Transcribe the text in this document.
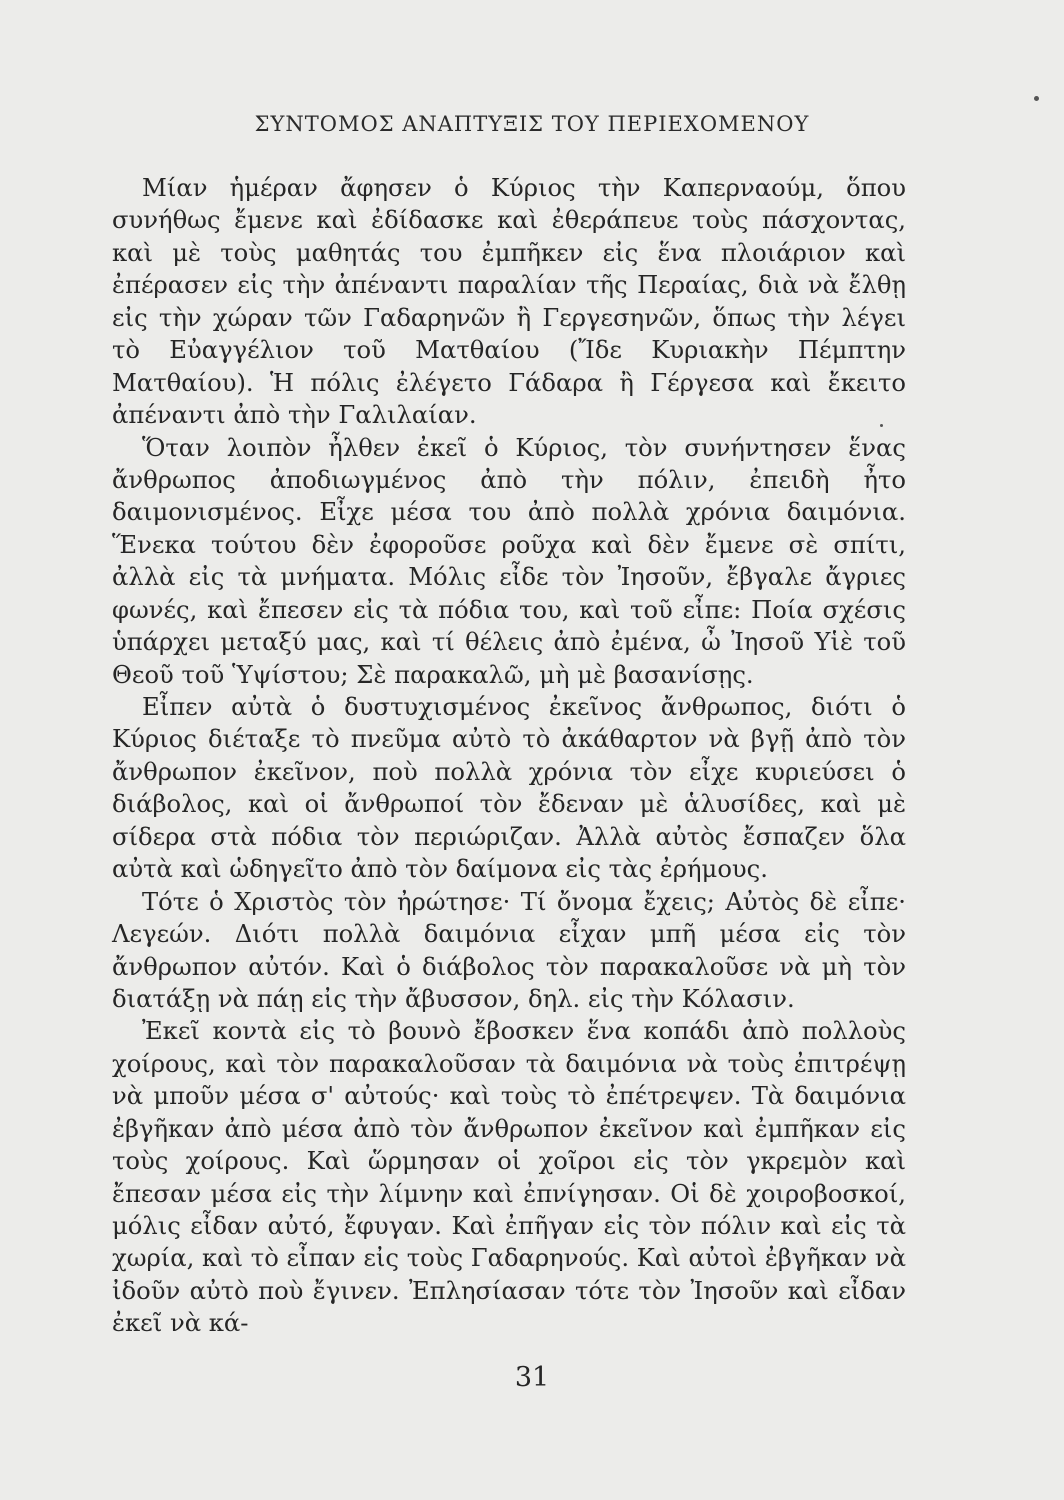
ΣΥΝΤΟΜΟΣ ΑΝΑΠΤΥΞΙΣ ΤΟΥ ΠΕΡΙΕΧΟΜΕΝΟΥ

Μίαν ἡμέραν ἄφησεν ὁ Κύριος τὴν Καπερναούμ, ὅπου συνήθως ἔμενε καὶ ἐδίδασκε καὶ ἐθεράπευε τοὺς πάσχοντας, καὶ μὲ τοὺς μαθητάς του ἐμπῆκεν εἰς ἕνα πλοιάριον καὶ ἐπέρασεν εἰς τὴν ἀπέναντι παραλίαν τῆς Περαίας, διὰ νὰ ἔλθῃ εἰς τὴν χώραν τῶν Γαδαρηνῶν ἢ Γεργεσηνῶν, ὅπως τὴν λέγει τὸ Εὐαγγέλιον τοῦ Ματθαίου (Ἴδε Κυριακὴν Πέμπτην Ματθαίου). Ἡ πόλις ἐλέγετο Γάδαρα ἢ Γέργεσα καὶ ἔκειτο ἀπέναντι ἀπὸ τὴν Γαλιλαίαν.

Ὅταν λοιπὸν ἦλθεν ἐκεῖ ὁ Κύριος, τὸν συνήντησεν ἕνας ἄνθρωπος ἀποδιωγμένος ἀπὸ τὴν πόλιν, ἐπειδὴ ἦτο δαιμονισμένος. Εἶχε μέσα του ἀπὸ πολλὰ χρόνια δαιμόνια. Ἕνεκα τούτου δὲν ἐφοροῦσε ροῦχα καὶ δὲν ἔμενε σὲ σπίτι, ἀλλὰ εἰς τὰ μνήματα. Μόλις εἶδε τὸν Ἰησοῦν, ἔβγαλε ἄγριες φωνές, καὶ ἔπεσεν εἰς τὰ πόδια του, καὶ τοῦ εἶπε: Ποία σχέσις ὑπάρχει μεταξύ μας, καὶ τί θέλεις ἀπὸ ἐμένα, ὦ Ἰησοῦ Υἱὲ τοῦ Θεοῦ τοῦ Ὑψίστου; Σὲ παρακαλῶ, μὴ μὲ βασανίσῃς.

Εἶπεν αὐτὰ ὁ δυστυχισμένος ἐκεῖνος ἄνθρωπος, διότι ὁ Κύριος διέταξε τὸ πνεῦμα αὐτὸ τὸ ἀκάθαρτον νὰ βγῇ ἀπὸ τὸν ἄνθρωπον ἐκεῖνον, ποὺ πολλὰ χρόνια τὸν εἶχε κυριεύσει ὁ διάβολος, καὶ οἱ ἄνθρωποί τὸν ἔδεναν μὲ ἁλυσίδες, καὶ μὲ σίδερα στὰ πόδια τὸν περιώριζαν. Ἀλλὰ αὐτὸς ἔσπαζεν ὅλα αὐτὰ καὶ ὡδηγεῖτο ἀπὸ τὸν δαίμονα εἰς τὰς ἐρήμους.

Τότε ὁ Χριστὸς τὸν ἠρώτησε· Τί ὄνομα ἔχεις; Αὐτὸς δὲ εἶπε· Λεγεών. Διότι πολλὰ δαιμόνια εἶχαν μπῆ μέσα εἰς τὸν ἄνθρωπον αὐτόν. Καὶ ὁ διάβολος τὸν παρακαλοῦσε νὰ μὴ τὸν διατάξῃ νὰ πάῃ εἰς τὴν ἄβυσσον, δηλ. εἰς τὴν Κόλασιν.

Ἐκεῖ κοντὰ εἰς τὸ βουνὸ ἔβοσκεν ἕνα κοπάδι ἀπὸ πολλοὺς χοίρους, καὶ τὸν παρακαλοῦσαν τὰ δαιμόνια νὰ τοὺς ἐπιτρέψῃ νὰ μποῦν μέσα σ' αὐτούς· καὶ τοὺς τὸ ἐπέτρεψεν. Τὰ δαιμόνια ἐβγῆκαν ἀπὸ μέσα ἀπὸ τὸν ἄνθρωπον ἐκεῖνον καὶ ἐμπῆκαν εἰς τοὺς χοίρους. Καὶ ὥρμησαν οἱ χοῖροι εἰς τὸν γκρεμὸν καὶ ἔπεσαν μέσα εἰς τὴν λίμνην καὶ ἐπνίγησαν. Οἱ δὲ χοιροβοσκοί, μόλις εἶδαν αὐτό, ἔφυγαν. Καὶ ἐπῆγαν εἰς τὸν πόλιν καὶ εἰς τὰ χωρία, καὶ τὸ εἶπαν εἰς τοὺς Γαδαρηνούς. Καὶ αὐτοὶ ἐβγῆκαν νὰ ἰδοῦν αὐτὸ ποὺ ἔγινεν. Ἐπλησίασαν τότε τὸν Ἰησοῦν καὶ εἶδαν ἐκεῖ νὰ κά-

31
